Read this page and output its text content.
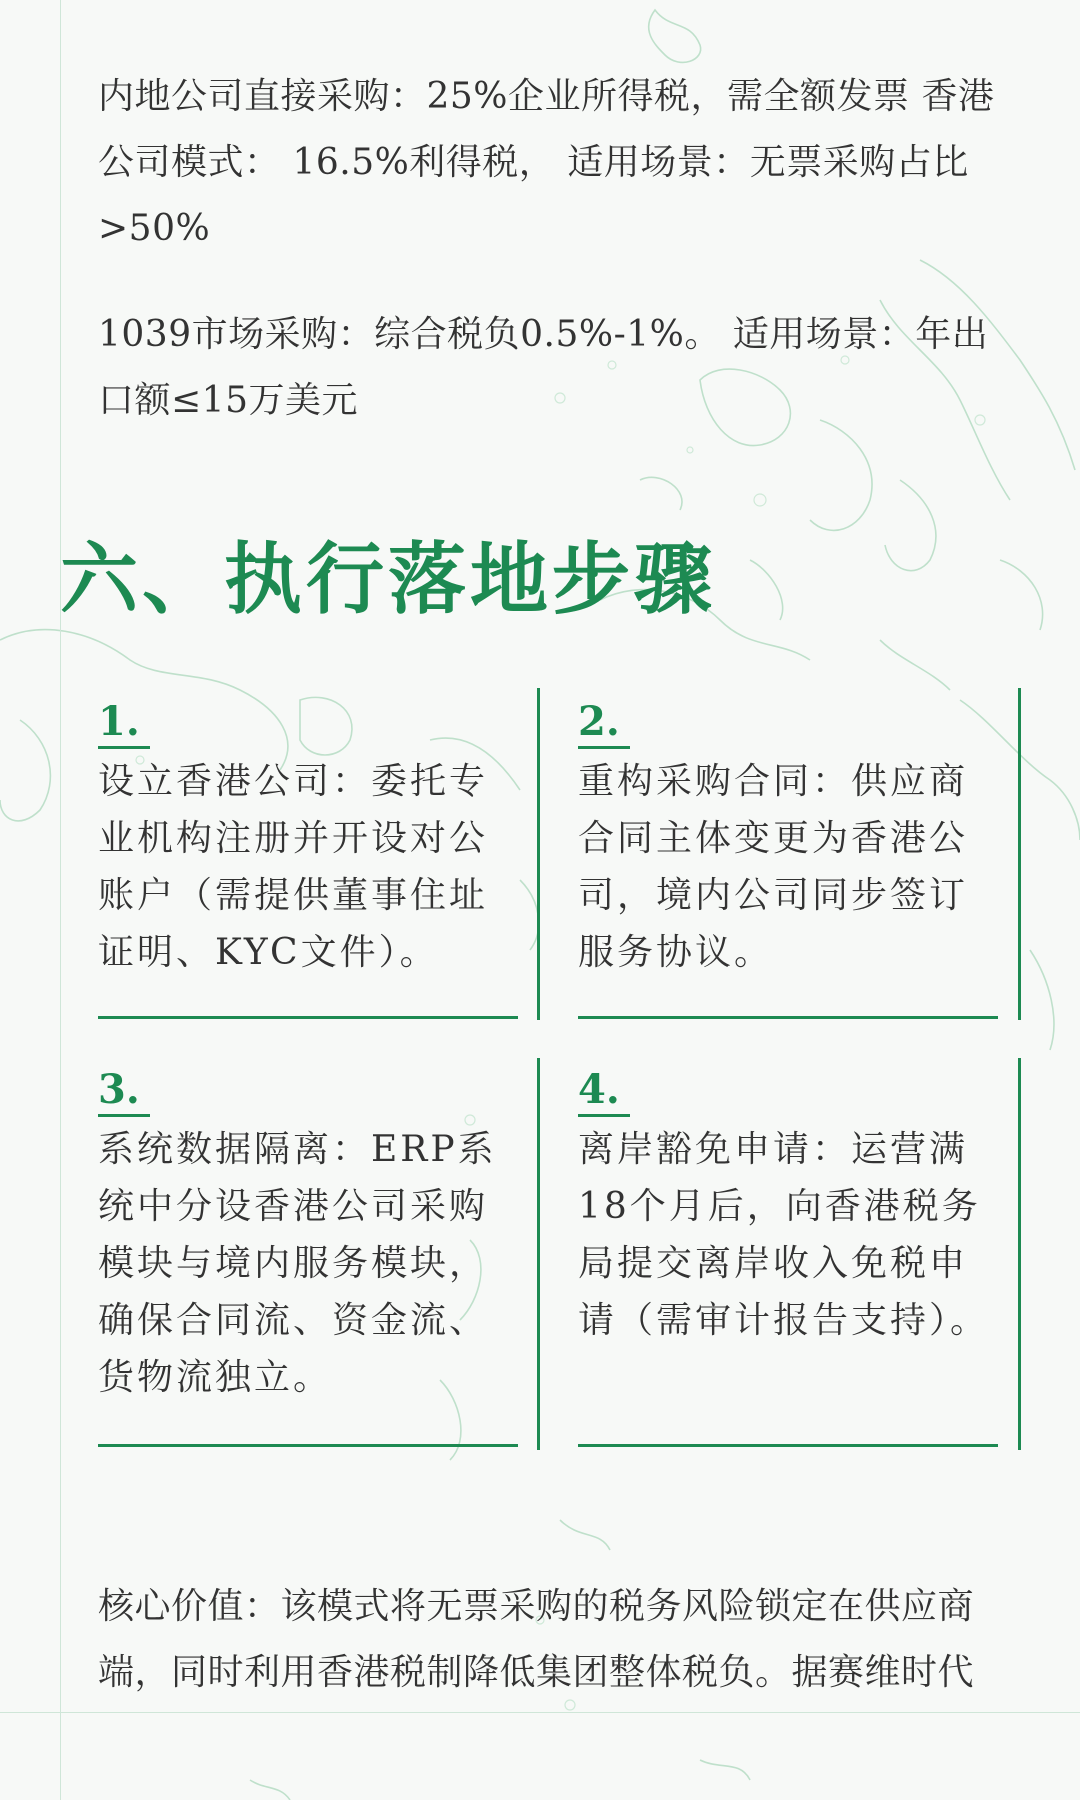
内地公司直接采购：25%企业所得税，需全额发票 香港公司模式： 16.5%利得税， 适用场景：无票采购占比>50%

1039市场采购：综合税负0.5%-1%。 适用场景：年出口额≤15万美元

六、执行落地步骤
1.

设立香港公司：委托专业机构注册并开设对公账户（需提供董事住址证明、KYC文件）。

2.

重构采购合同：供应商合同主体变更为香港公司，境内公司同步签订服务协议。

3.

系统数据隔离：ERP系统中分设香港公司采购模块与境内服务模块，确保合同流、资金流、货物流独立。

4.

离岸豁免申请：运营满18个月后，向香港税务局提交离岸收入免税申请（需审计报告支持）。

核心价值：该模式将无票采购的税务风险锁定在供应商端，同时利用香港税制降低集团整体税负。据赛维时代
